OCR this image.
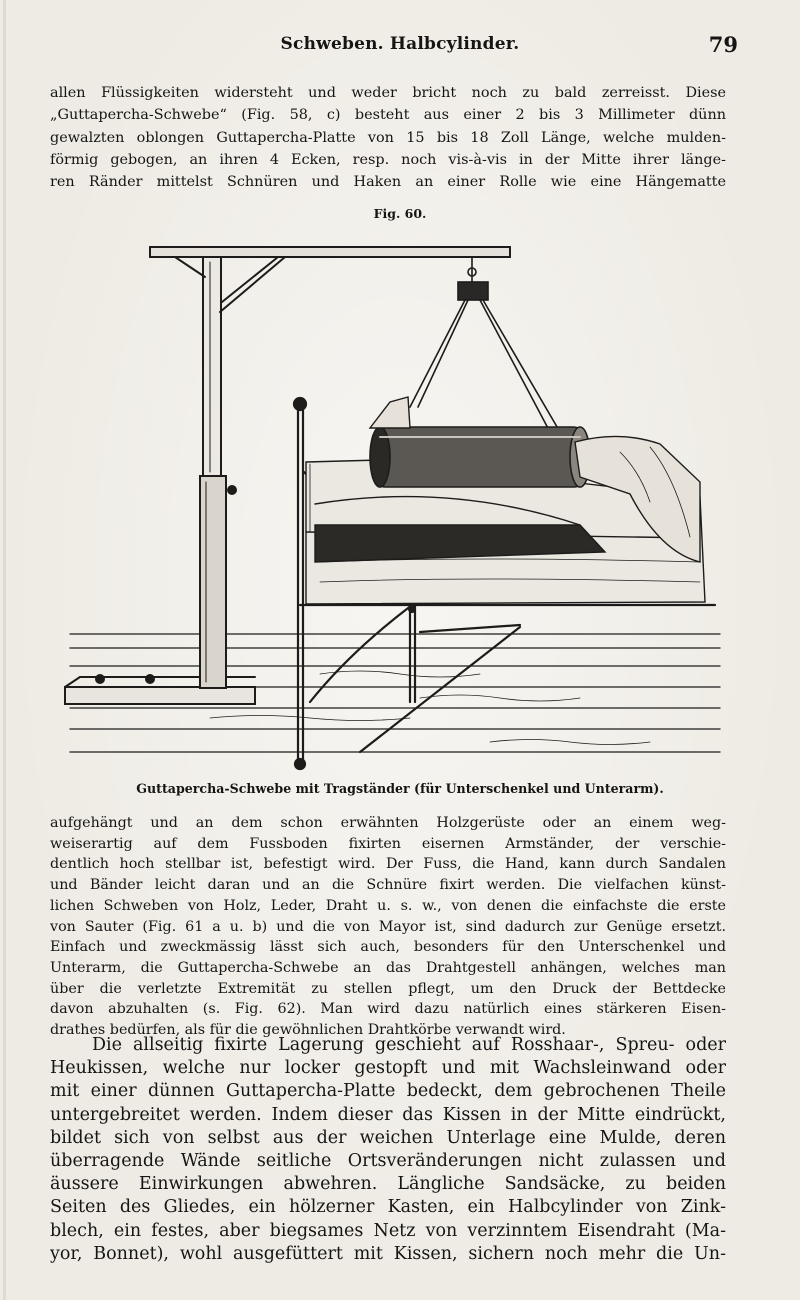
Schweben. Halbcylinder.	79
allen Flüssigkeiten widersteht und weder bricht noch zu bald zerreisst. Diese
„Guttapercha-Schwebe“ (Fig. 58, c) besteht aus einer 2 bis 3 Millimeter dünn
gewalzten oblongen Guttapercha-Platte von 15 bis 18 Zoll Länge, welche mulden-
förmig gebogen, an ihren 4 Ecken, resp. noch vis-à-vis in der Mitte ihrer länge-
ren Ränder mittelst Schnüren und Haken an einer Rolle wie eine Hängematte
Fig. 60.
Guttapercha-Schwebe mit Tragständer (für Unterschenkel und Unterarm).
aufgehängt und an dem schon erwähnten Holzgerüste oder an einem weg-
weiserartig auf dem Fussboden fixirten eisernen Armständer, der verschie-
dentlich hoch stellbar ist, befestigt wird. Der Fuss, die Hand, kann durch Sandalen
und Bänder leicht daran und an die Schnüre fixirt werden. Die vielfachen künst-
lichen Schweben von Holz, Leder, Draht u. s. w., von denen die einfachste die erste
von Sauter (Fig. 61 a u. b) und die von Mayor ist, sind dadurch zur Genüge ersetzt.
Einfach und zweckmässig lässt sich auch, besonders für den Unterschenkel und
Unterarm, die Guttapercha-Schwebe an das Drahtgestell anhängen, welches man
über die verletzte Extremität zu stellen pflegt, um den Druck der Bettdecke
davon abzuhalten (s. Fig. 62). Man wird dazu natürlich eines stärkeren Eisen-
drathes bedürfen, als für die gewöhnlichen Drahtkörbe verwandt wird.
Die allseitig fixirte Lagerung geschieht auf Rosshaar-, Spreu- oder
Heukissen, welche nur locker gestopft und mit Wachsleinwand oder
mit einer dünnen Guttapercha-Platte bedeckt, dem gebrochenen Theile
untergebreitet werden. Indem dieser das Kissen in der Mitte eindrückt,
bildet sich von selbst aus der weichen Unterlage eine Mulde, deren
überragende Wände seitliche Ortsveränderungen nicht zulassen und
äussere Einwirkungen abwehren. Längliche Sandsäcke, zu beiden
Seiten des Gliedes, ein hölzerner Kasten, ein Halbcylinder von Zink-
blech, ein festes, aber biegsames Netz von verzinntem Eisendraht (Ma-
yor, Bonnet), wohl ausgefüttert mit Kissen, sichern noch mehr die Un-
